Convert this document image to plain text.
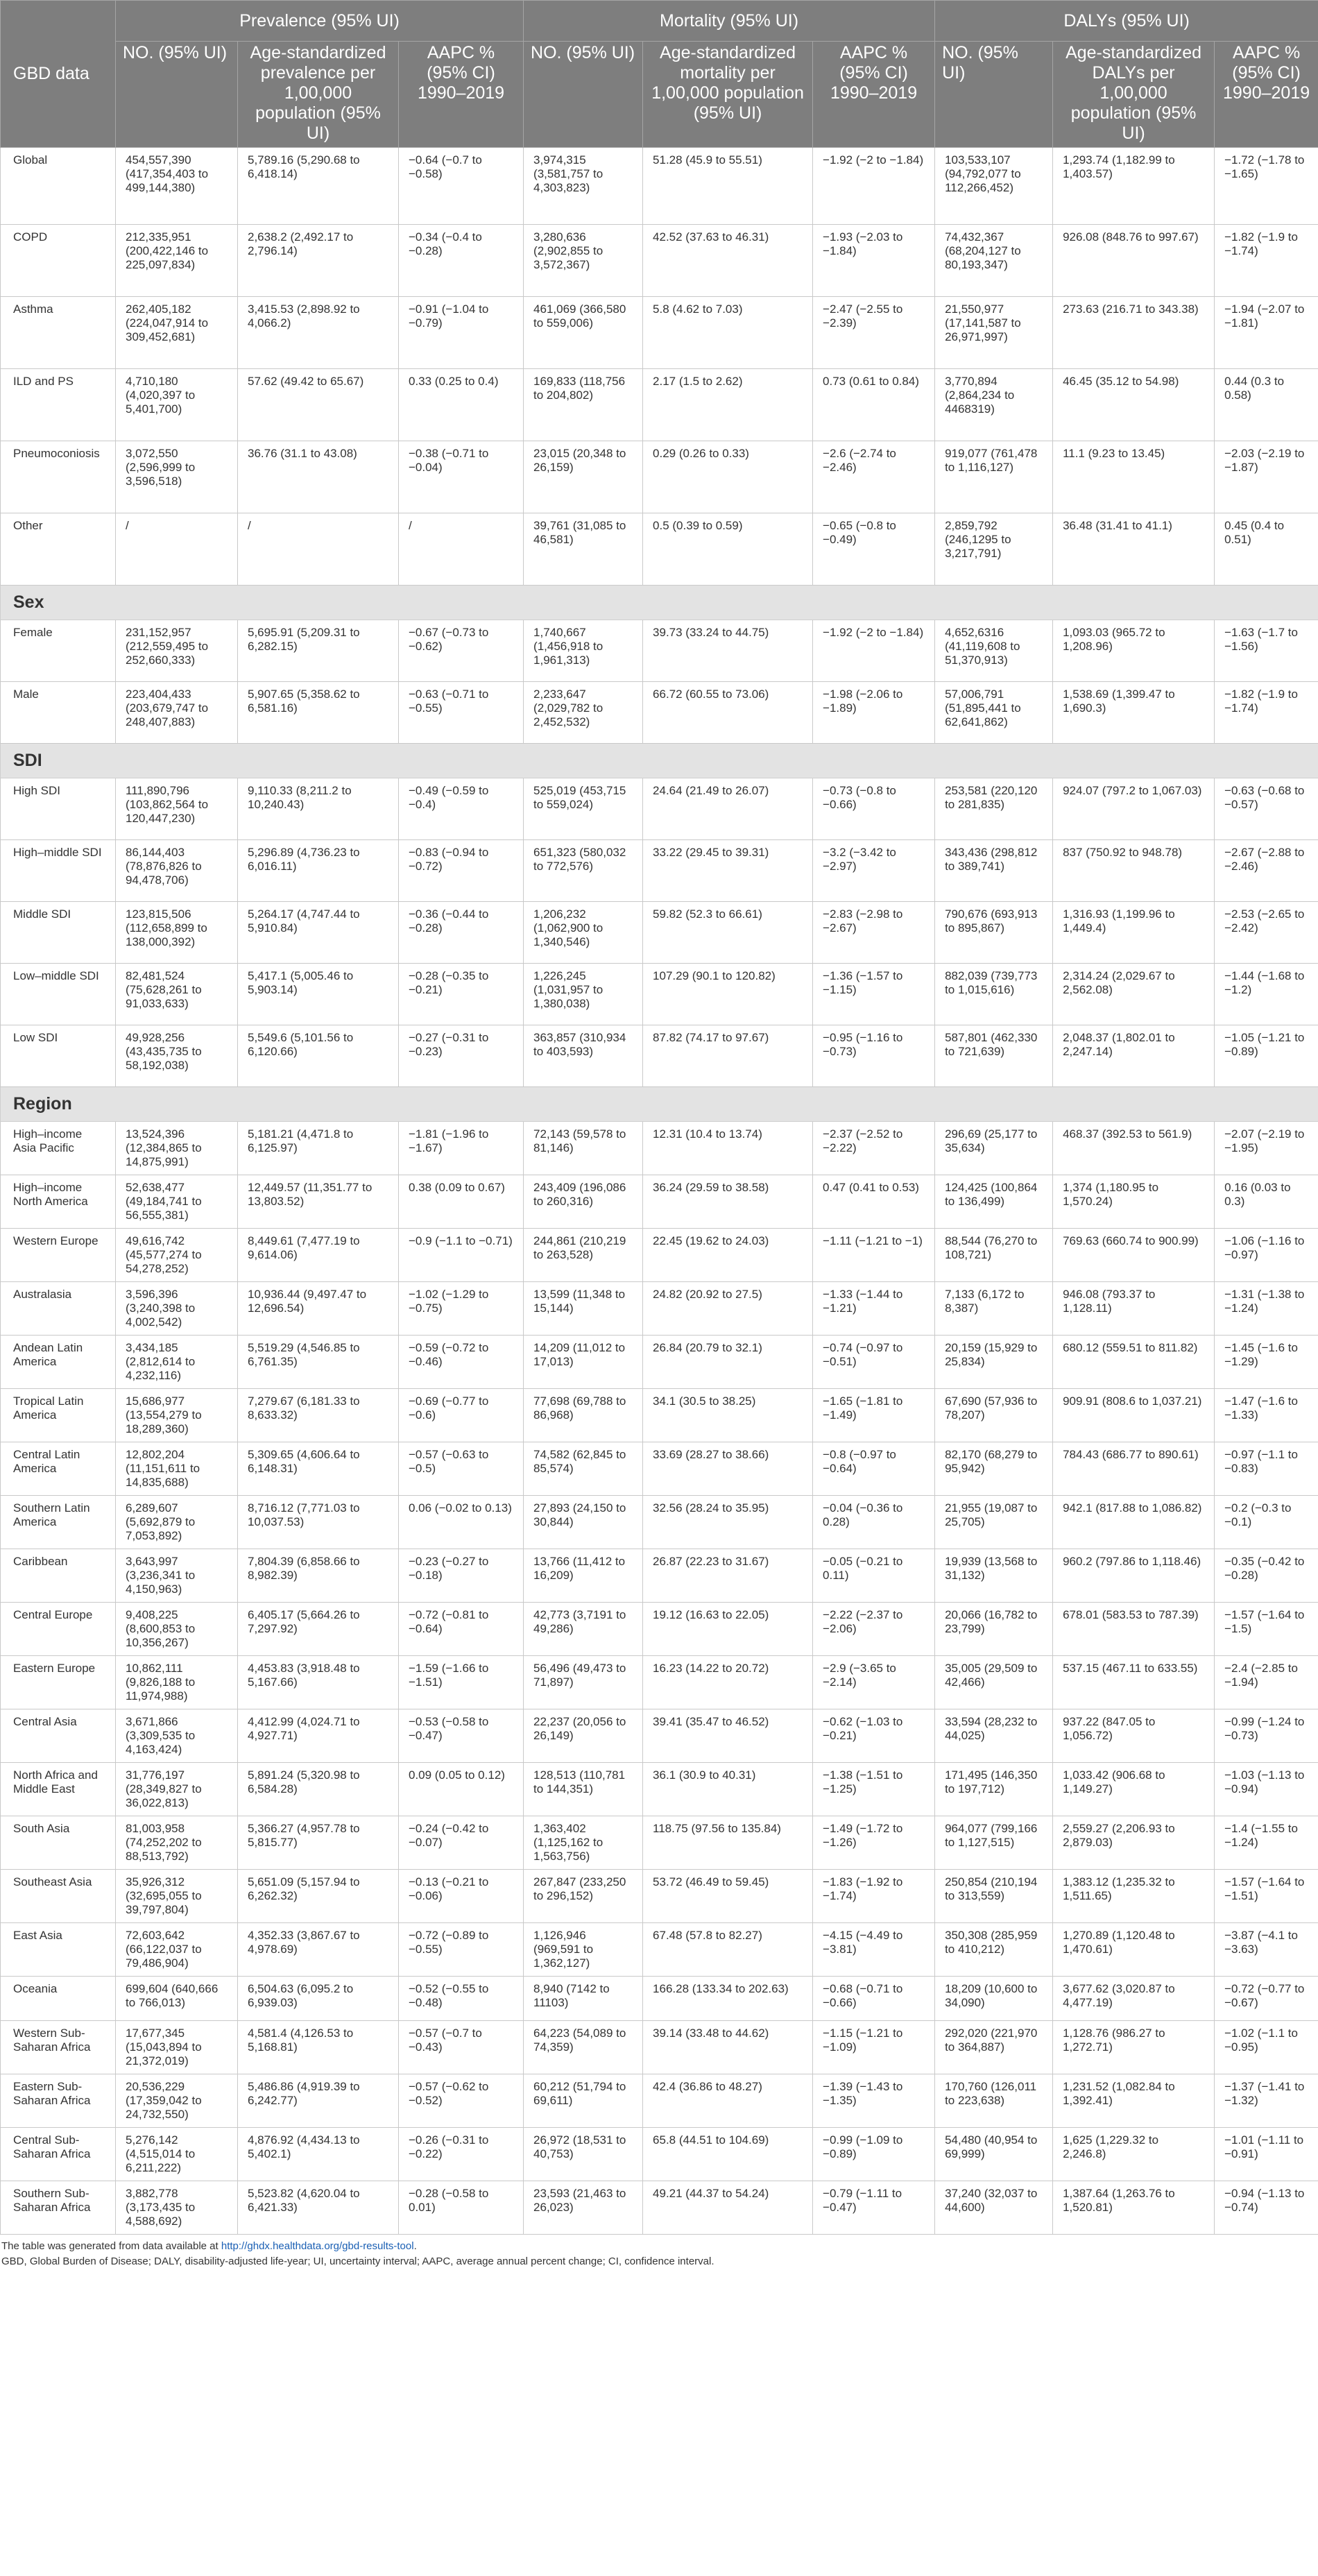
GBD data	Prevalence (95% UI)			Mortality (95% UI)			DALYs (95% UI)		
	NO. (95% UI)	Age-standardized prevalence per 1,00,000 population (95% UI)	AAPC % (95% CI) 1990–2019	NO. (95% UI)	Age-standardized mortality per 1,00,000 population (95% UI)	AAPC % (95% CI) 1990–2019	NO. (95% UI)	Age-standardized DALYs per 1,00,000 population (95% UI)	AAPC % (95% CI) 1990–2019
Global	454,557,390 (417,354,403 to 499,144,380)	5,789.16 (5,290.68 to 6,418.14)	−0.64 (−0.7 to −0.58)	3,974,315 (3,581,757 to 4,303,823)	51.28 (45.9 to 55.51)	−1.92 (−2 to −1.84)	103,533,107 (94,792,077 to 112,266,452)	1,293.74 (1,182.99 to 1,403.57)	−1.72 (−1.78 to −1.65)
COPD	212,335,951 (200,422,146 to 225,097,834)	2,638.2 (2,492.17 to 2,796.14)	−0.34 (−0.4 to −0.28)	3,280,636 (2,902,855 to 3,572,367)	42.52 (37.63 to 46.31)	−1.93 (−2.03 to −1.84)	74,432,367 (68,204,127 to 80,193,347)	926.08 (848.76 to 997.67)	−1.82 (−1.9 to −1.74)
Asthma	262,405,182 (224,047,914 to 309,452,681)	3,415.53 (2,898.92 to 4,066.2)	−0.91 (−1.04 to −0.79)	461,069 (366,580 to 559,006)	5.8 (4.62 to 7.03)	−2.47 (−2.55 to −2.39)	21,550,977 (17,141,587 to 26,971,997)	273.63 (216.71 to 343.38)	−1.94 (−2.07 to −1.81)
ILD and PS	4,710,180 (4,020,397 to 5,401,700)	57.62 (49.42 to 65.67)	0.33 (0.25 to 0.4)	169,833 (118,756 to 204,802)	2.17 (1.5 to 2.62)	0.73 (0.61 to 0.84)	3,770,894 (2,864,234 to 4468319)	46.45 (35.12 to 54.98)	0.44 (0.3 to 0.58)
Pneumoconiosis	3,072,550 (2,596,999 to 3,596,518)	36.76 (31.1 to 43.08)	−0.38 (−0.71 to −0.04)	23,015 (20,348 to 26,159)	0.29 (0.26 to 0.33)	−2.6 (−2.74 to −2.46)	919,077 (761,478 to 1,116,127)	11.1 (9.23 to 13.45)	−2.03 (−2.19 to −1.87)
Other	/	/	/	39,761 (31,085 to 46,581)	0.5 (0.39 to 0.59)	−0.65 (−0.8 to −0.49)	2,859,792 (246,1295 to 3,217,791)	36.48 (31.41 to 41.1)	0.45 (0.4 to 0.51)
Sex									
Female	231,152,957 (212,559,495 to 252,660,333)	5,695.91 (5,209.31 to 6,282.15)	−0.67 (−0.73 to −0.62)	1,740,667 (1,456,918 to 1,961,313)	39.73 (33.24 to 44.75)	−1.92 (−2 to −1.84)	4,652,6316 (41,119,608 to 51,370,913)	1,093.03 (965.72 to 1,208.96)	−1.63 (−1.7 to −1.56)
Male	223,404,433 (203,679,747 to 248,407,883)	5,907.65 (5,358.62 to 6,581.16)	−0.63 (−0.71 to −0.55)	2,233,647 (2,029,782 to 2,452,532)	66.72 (60.55 to 73.06)	−1.98 (−2.06 to −1.89)	57,006,791 (51,895,441 to 62,641,862)	1,538.69 (1,399.47 to 1,690.3)	−1.82 (−1.9 to −1.74)
SDI									
High SDI	111,890,796 (103,862,564 to 120,447,230)	9,110.33 (8,211.2 to 10,240.43)	−0.49 (−0.59 to −0.4)	525,019 (453,715 to 559,024)	24.64 (21.49 to 26.07)	−0.73 (−0.8 to −0.66)	253,581 (220,120 to 281,835)	924.07 (797.2 to 1,067.03)	−0.63 (−0.68 to −0.57)
High–middle SDI	86,144,403 (78,876,826 to 94,478,706)	5,296.89 (4,736.23 to 6,016.11)	−0.83 (−0.94 to −0.72)	651,323 (580,032 to 772,576)	33.22 (29.45 to 39.31)	−3.2 (−3.42 to −2.97)	343,436 (298,812 to 389,741)	837 (750.92 to 948.78)	−2.67 (−2.88 to −2.46)
Middle SDI	123,815,506 (112,658,899 to 138,000,392)	5,264.17 (4,747.44 to 5,910.84)	−0.36 (−0.44 to −0.28)	1,206,232 (1,062,900 to 1,340,546)	59.82 (52.3 to 66.61)	−2.83 (−2.98 to −2.67)	790,676 (693,913 to 895,867)	1,316.93 (1,199.96 to 1,449.4)	−2.53 (−2.65 to −2.42)
Low–middle SDI	82,481,524 (75,628,261 to 91,033,633)	5,417.1 (5,005.46 to 5,903.14)	−0.28 (−0.35 to −0.21)	1,226,245 (1,031,957 to 1,380,038)	107.29 (90.1 to 120.82)	−1.36 (−1.57 to −1.15)	882,039 (739,773 to 1,015,616)	2,314.24 (2,029.67 to 2,562.08)	−1.44 (−1.68 to −1.2)
Low SDI	49,928,256 (43,435,735 to 58,192,038)	5,549.6 (5,101.56 to 6,120.66)	−0.27 (−0.31 to −0.23)	363,857 (310,934 to 403,593)	87.82 (74.17 to 97.67)	−0.95 (−1.16 to −0.73)	587,801 (462,330 to 721,639)	2,048.37 (1,802.01 to 2,247.14)	−1.05 (−1.21 to −0.89)
Region									
High–income Asia Pacific	13,524,396 (12,384,865 to 14,875,991)	5,181.21 (4,471.8 to 6,125.97)	−1.81 (−1.96 to −1.67)	72,143 (59,578 to 81,146)	12.31 (10.4 to 13.74)	−2.37 (−2.52 to −2.22)	296,69 (25,177 to 35,634)	468.37 (392.53 to 561.9)	−2.07 (−2.19 to −1.95)
High–income North America	52,638,477 (49,184,741 to 56,555,381)	12,449.57 (11,351.77 to 13,803.52)	0.38 (0.09 to 0.67)	243,409 (196,086 to 260,316)	36.24 (29.59 to 38.58)	0.47 (0.41 to 0.53)	124,425 (100,864 to 136,499)	1,374 (1,180.95 to 1,570.24)	0.16 (0.03 to 0.3)
Western Europe	49,616,742 (45,577,274 to 54,278,252)	8,449.61 (7,477.19 to 9,614.06)	−0.9 (−1.1 to −0.71)	244,861 (210,219 to 263,528)	22.45 (19.62 to 24.03)	−1.11 (−1.21 to −1)	88,544 (76,270 to 108,721)	769.63 (660.74 to 900.99)	−1.06 (−1.16 to −0.97)
Australasia	3,596,396 (3,240,398 to 4,002,542)	10,936.44 (9,497.47 to 12,696.54)	−1.02 (−1.29 to −0.75)	13,599 (11,348 to 15,144)	24.82 (20.92 to 27.5)	−1.33 (−1.44 to −1.21)	7,133 (6,172 to 8,387)	946.08 (793.37 to 1,128.11)	−1.31 (−1.38 to −1.24)
Andean Latin America	3,434,185 (2,812,614 to 4,232,116)	5,519.29 (4,546.85 to 6,761.35)	−0.59 (−0.72 to −0.46)	14,209 (11,012 to 17,013)	26.84 (20.79 to 32.1)	−0.74 (−0.97 to −0.51)	20,159 (15,929 to 25,834)	680.12 (559.51 to 811.82)	−1.45 (−1.6 to −1.29)
Tropical Latin America	15,686,977 (13,554,279 to 18,289,360)	7,279.67 (6,181.33 to 8,633.32)	−0.69 (−0.77 to −0.6)	77,698 (69,788 to 86,968)	34.1 (30.5 to 38.25)	−1.65 (−1.81 to −1.49)	67,690 (57,936 to 78,207)	909.91 (808.6 to 1,037.21)	−1.47 (−1.6 to −1.33)
Central Latin America	12,802,204 (11,151,611 to 14,835,688)	5,309.65 (4,606.64 to 6,148.31)	−0.57 (−0.63 to −0.5)	74,582 (62,845 to 85,574)	33.69 (28.27 to 38.66)	−0.8 (−0.97 to −0.64)	82,170 (68,279 to 95,942)	784.43 (686.77 to 890.61)	−0.97 (−1.1 to −0.83)
Southern Latin America	6,289,607 (5,692,879 to 7,053,892)	8,716.12 (7,771.03 to 10,037.53)	0.06 (−0.02 to 0.13)	27,893 (24,150 to 30,844)	32.56 (28.24 to 35.95)	−0.04 (−0.36 to 0.28)	21,955 (19,087 to 25,705)	942.1 (817.88 to 1,086.82)	−0.2 (−0.3 to −0.1)
Caribbean	3,643,997 (3,236,341 to 4,150,963)	7,804.39 (6,858.66 to 8,982.39)	−0.23 (−0.27 to −0.18)	13,766 (11,412 to 16,209)	26.87 (22.23 to 31.67)	−0.05 (−0.21 to 0.11)	19,939 (13,568 to 31,132)	960.2 (797.86 to 1,118.46)	−0.35 (−0.42 to −0.28)
Central Europe	9,408,225 (8,600,853 to 10,356,267)	6,405.17 (5,664.26 to 7,297.92)	−0.72 (−0.81 to −0.64)	42,773 (3,7191 to 49,286)	19.12 (16.63 to 22.05)	−2.22 (−2.37 to −2.06)	20,066 (16,782 to 23,799)	678.01 (583.53 to 787.39)	−1.57 (−1.64 to −1.5)
Eastern Europe	10,862,111 (9,826,188 to 11,974,988)	4,453.83 (3,918.48 to 5,167.66)	−1.59 (−1.66 to −1.51)	56,496 (49,473 to 71,897)	16.23 (14.22 to 20.72)	−2.9 (−3.65 to −2.14)	35,005 (29,509 to 42,466)	537.15 (467.11 to 633.55)	−2.4 (−2.85 to −1.94)
Central Asia	3,671,866 (3,309,535 to 4,163,424)	4,412.99 (4,024.71 to 4,927.71)	−0.53 (−0.58 to −0.47)	22,237 (20,056 to 26,149)	39.41 (35.47 to 46.52)	−0.62 (−1.03 to −0.21)	33,594 (28,232 to 44,025)	937.22 (847.05 to 1,056.72)	−0.99 (−1.24 to −0.73)
North Africa and Middle East	31,776,197 (28,349,827 to 36,022,813)	5,891.24 (5,320.98 to 6,584.28)	0.09 (0.05 to 0.12)	128,513 (110,781 to 144,351)	36.1 (30.9 to 40.31)	−1.38 (−1.51 to −1.25)	171,495 (146,350 to 197,712)	1,033.42 (906.68 to 1,149.27)	−1.03 (−1.13 to −0.94)
South Asia	81,003,958 (74,252,202 to 88,513,792)	5,366.27 (4,957.78 to 5,815.77)	−0.24 (−0.42 to −0.07)	1,363,402 (1,125,162 to 1,563,756)	118.75 (97.56 to 135.84)	−1.49 (−1.72 to −1.26)	964,077 (799,166 to 1,127,515)	2,559.27 (2,206.93 to 2,879.03)	−1.4 (−1.55 to −1.24)
Southeast Asia	35,926,312 (32,695,055 to 39,797,804)	5,651.09 (5,157.94 to 6,262.32)	−0.13 (−0.21 to −0.06)	267,847 (233,250 to 296,152)	53.72 (46.49 to 59.45)	−1.83 (−1.92 to −1.74)	250,854 (210,194 to 313,559)	1,383.12 (1,235.32 to 1,511.65)	−1.57 (−1.64 to −1.51)
East Asia	72,603,642 (66,122,037 to 79,486,904)	4,352.33 (3,867.67 to 4,978.69)	−0.72 (−0.89 to −0.55)	1,126,946 (969,591 to 1,362,127)	67.48 (57.8 to 82.27)	−4.15 (−4.49 to −3.81)	350,308 (285,959 to 410,212)	1,270.89 (1,120.48 to 1,470.61)	−3.87 (−4.1 to −3.63)
Oceania	699,604 (640,666 to 766,013)	6,504.63 (6,095.2 to 6,939.03)	−0.52 (−0.55 to −0.48)	8,940 (7142 to 11103)	166.28 (133.34 to 202.63)	−0.68 (−0.71 to −0.66)	18,209 (10,600 to 34,090)	3,677.62 (3,020.87 to 4,477.19)	−0.72 (−0.77 to −0.67)
Western Sub-Saharan Africa	17,677,345 (15,043,894 to 21,372,019)	4,581.4 (4,126.53 to 5,168.81)	−0.57 (−0.7 to −0.43)	64,223 (54,089 to 74,359)	39.14 (33.48 to 44.62)	−1.15 (−1.21 to −1.09)	292,020 (221,970 to 364,887)	1,128.76 (986.27 to 1,272.71)	−1.02 (−1.1 to −0.95)
Eastern Sub-Saharan Africa	20,536,229 (17,359,042 to 24,732,550)	5,486.86 (4,919.39 to 6,242.77)	−0.57 (−0.62 to −0.52)	60,212 (51,794 to 69,611)	42.4 (36.86 to 48.27)	−1.39 (−1.43 to −1.35)	170,760 (126,011 to 223,638)	1,231.52 (1,082.84 to 1,392.41)	−1.37 (−1.41 to −1.32)
Central Sub-Saharan Africa	5,276,142 (4,515,014 to 6,211,222)	4,876.92 (4,434.13 to 5,402.1)	−0.26 (−0.31 to −0.22)	26,972 (18,531 to 40,753)	65.8 (44.51 to 104.69)	−0.99 (−1.09 to −0.89)	54,480 (40,954 to 69,999)	1,625 (1,229.32 to 2,246.8)	−1.01 (−1.11 to −0.91)
Southern Sub-Saharan Africa	3,882,778 (3,173,435 to 4,588,692)	5,523.82 (4,620.04 to 6,421.33)	−0.28 (−0.58 to 0.01)	23,593 (21,463 to 26,023)	49.21 (44.37 to 54.24)	−0.79 (−1.11 to −0.47)	37,240 (32,037 to 44,600)	1,387.64 (1,263.76 to 1,520.81)	−0.94 (−1.13 to −0.74)
The table was generated from data available at http://ghdx.healthdata.org/gbd-results-tool.
GBD, Global Burden of Disease; DALY, disability-adjusted life-year; UI, uncertainty interval; AAPC, average annual percent change; CI, confidence interval.
